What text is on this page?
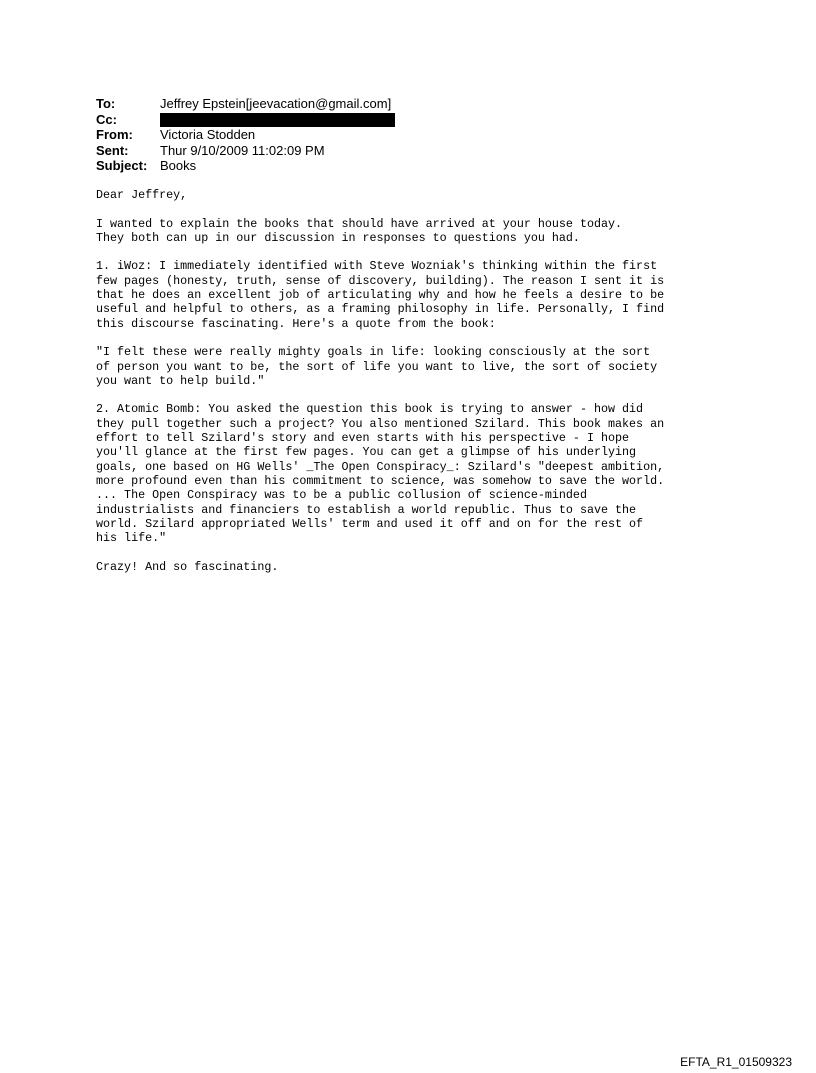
To:	Jeffrey Epstein[jeevacation@gmail.com]
Cc:
From:	Victoria Stodden
Sent:	Thur 9/10/2009 11:02:09 PM
Subject: Books
Dear Jeffrey,
I wanted to explain the books that should have arrived at your house today.
They both can up in our discussion in responses to questions you had.
1. iWoz: I immediately identified with Steve Wozniak's thinking within the first
few pages (honesty, truth, sense of discovery, building). The reason I sent it is
that he does an excellent job of articulating why and how he feels a desire to be
useful and helpful to others, as a framing philosophy in life. Personally, I find
this discourse fascinating. Here's a quote from the book:
"I felt these were really mighty goals in life: looking consciously at the sort
of person you want to be, the sort of life you want to live, the sort of society
you want to help build."
2. Atomic Bomb: You asked the question this book is trying to answer - how did
they pull together such a project? You also mentioned Szilard. This book makes an
effort to tell Szilard's story and even starts with his perspective - I hope
you'll glance at the first few pages. You can get a glimpse of his underlying
goals, one based on HG Wells' _The Open Conspiracy_: Szilard's "deepest ambition,
more profound even than his commitment to science, was somehow to save the world.
... The Open Conspiracy was to be a public collusion of science-minded
industrialists and financiers to establish a world republic. Thus to save the
world. Szilard appropriated Wells' term and used it off and on for the rest of
his life."
Crazy! And so fascinating.
EFTA_R1_01509323
